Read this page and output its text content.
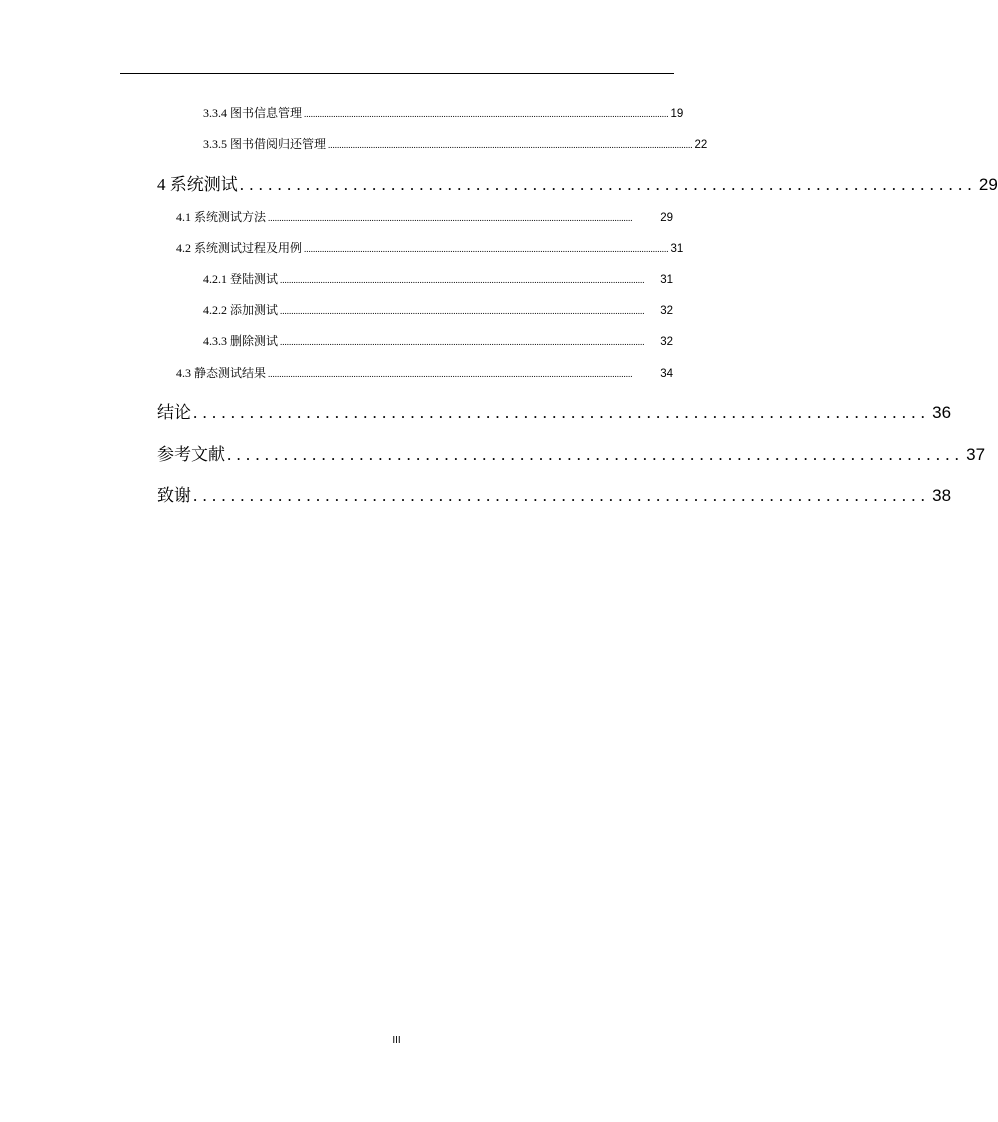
3.3.4 图书信息管理 .................................................................................................................................................................. 19
3.3.5 图书借阅归还管理 .................................................................................................................................................................. 22
4 系统测试 .............................................................................. 29
4.1 系统测试方法 ..................................................................................................................................................................	29
4.2 系统测试过程及用例 .................................................................................................................................................................. 31
4.2.1 登陆测试 ..................................................................................................................................................................	31
4.2.2 添加测试 ..................................................................................................................................................................	32
4.3.3 删除测试 ..................................................................................................................................................................	32
4.3 静态测试结果 ..................................................................................................................................................................	34
结论 .............................................................................. 36
参考文献 .............................................................................. 37
致谢 .............................................................................. 38
III
